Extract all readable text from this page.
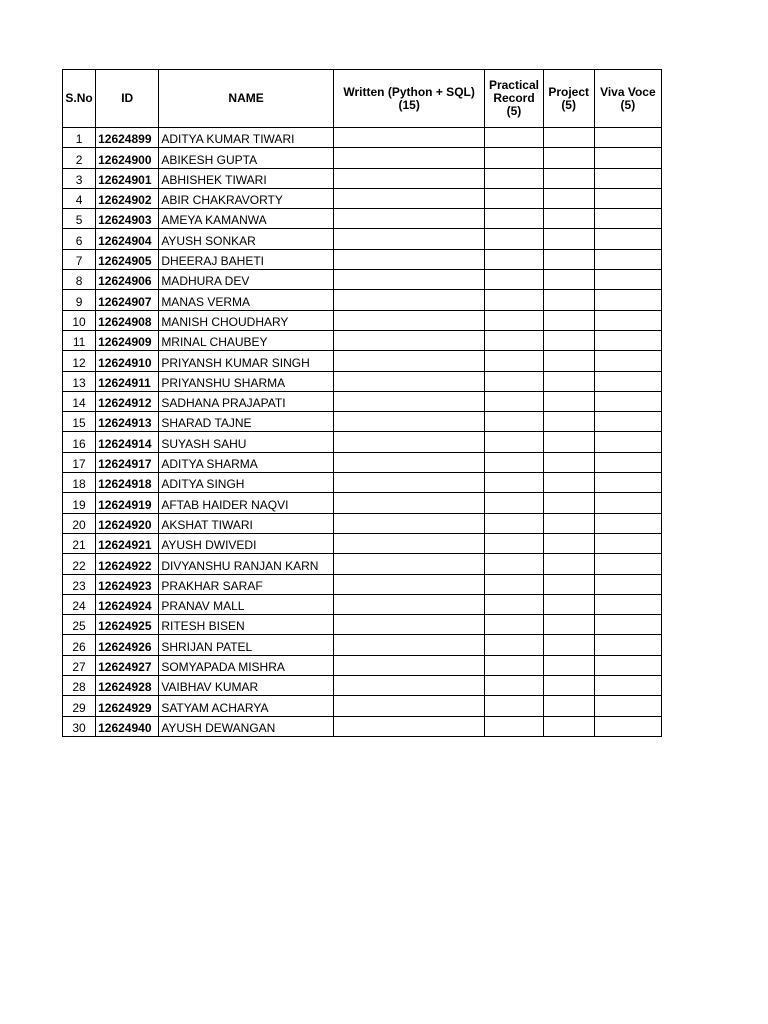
S.No	ID	NAME	Written (Python + SQL) (15)	Practical Record (5)	Project (5)	Viva Voce (5)
1	12624899	ADITYA KUMAR TIWARI				
2	12624900	ABIKESH GUPTA				
3	12624901	ABHISHEK TIWARI				
4	12624902	ABIR CHAKRAVORTY				
5	12624903	AMEYA KAMANWA				
6	12624904	AYUSH SONKAR				
7	12624905	DHEERAJ BAHETI				
8	12624906	MADHURA DEV				
9	12624907	MANAS VERMA				
10	12624908	MANISH CHOUDHARY				
11	12624909	MRINAL CHAUBEY				
12	12624910	PRIYANSH KUMAR SINGH				
13	12624911	PRIYANSHU SHARMA				
14	12624912	SADHANA PRAJAPATI				
15	12624913	SHARAD TAJNE				
16	12624914	SUYASH SAHU				
17	12624917	ADITYA SHARMA				
18	12624918	ADITYA SINGH				
19	12624919	AFTAB HAIDER NAQVI				
20	12624920	AKSHAT TIWARI				
21	12624921	AYUSH DWIVEDI				
22	12624922	DIVYANSHU RANJAN KARN				
23	12624923	PRAKHAR SARAF				
24	12624924	PRANAV MALL				
25	12624925	RITESH BISEN				
26	12624926	SHRIJAN PATEL				
27	12624927	SOMYAPADA MISHRA				
28	12624928	VAIBHAV KUMAR				
29	12624929	SATYAM ACHARYA				
30	12624940	AYUSH DEWANGAN				
